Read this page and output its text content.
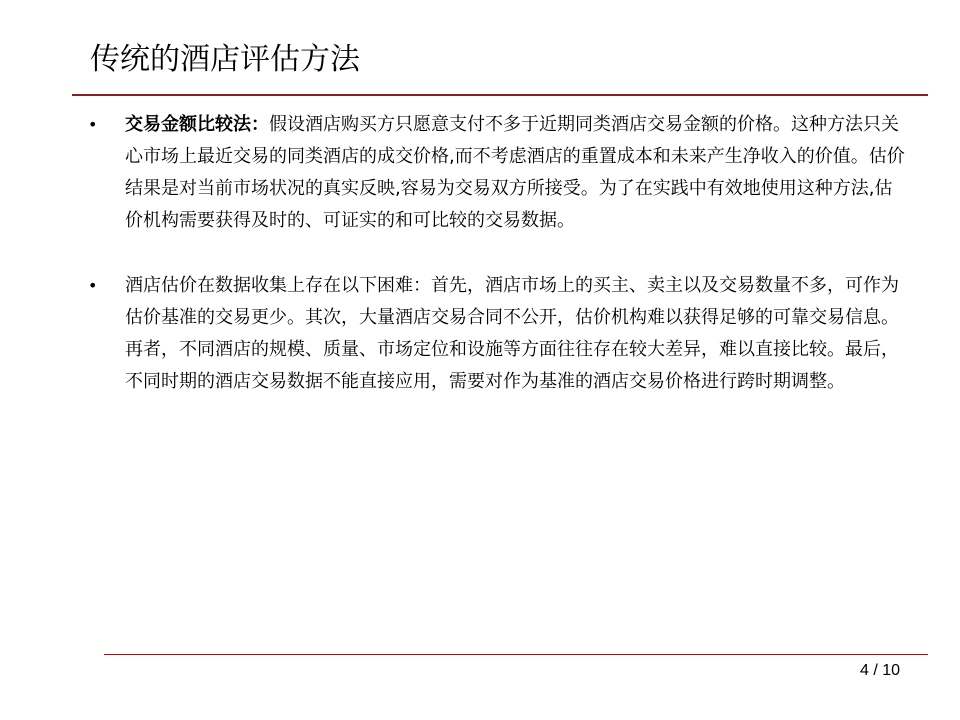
传统的酒店评估方法
• 交易金额比较法：假设酒店购买方只愿意支付不多于近期同类酒店交易金额的价格。这种方法只关心市场上最近交易的同类酒店的成交价格,而不考虑酒店的重置成本和未来产生净收入的价值。估价结果是对当前市场状况的真实反映,容易为交易双方所接受。为了在实践中有效地使用这种方法,估价机构需要获得及时的、可证实的和可比较的交易数据。
• 酒店估价在数据收集上存在以下困难：首先，酒店市场上的买主、卖主以及交易数量不多，可作为估价基准的交易更少。其次，大量酒店交易合同不公开，估价机构难以获得足够的可靠交易信息。再者，不同酒店的规模、质量、市场定位和设施等方面往往存在较大差异，难以直接比较。最后，不同时期的酒店交易数据不能直接应用，需要对作为基准的酒店交易价格进行跨时期调整。
4 / 10
